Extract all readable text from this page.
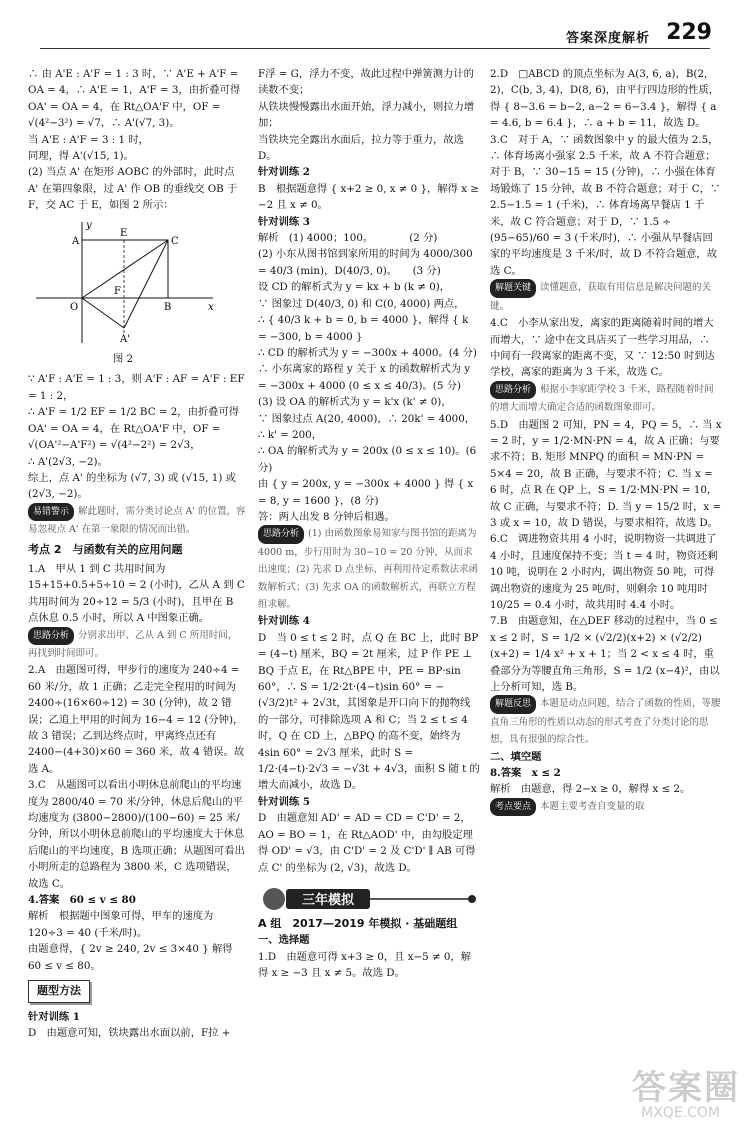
答案深度解析 229

∴ 由 A'E : A'F = 1 : 3 时，∵ A'E + A'F = OA = 4，∴ A'E = 1，A'F = 3，由折叠可得 OA' = OA = 4，在 Rt△OA'F 中，OF = √(4²−3²) = √7，∴ A'(√7, 3)。

当 A'E : A'F = 3 : 1 时，

同理，得 A'(√15, 1)。

(2) 当点 A' 在矩形 AOBC 的外部时，此时点 A' 在第四象限，过 A' 作 OB 的垂线交 OB 于 F，交 AC 于 E，如图 2 所示：

y
A
E
C
F
O	B	x
A'
图 2

∵ A'F : A'E = 1 : 3，则 A'F : AF = A'F : EF = 1 : 2，

∴ A'F = 1/2 EF = 1/2 BC = 2，由折叠可得

OA' = OA = 4，在 Rt△OA'F 中，OF = √(OA'²−A'F²) = √(4²−2²) = 2√3，

∴ A'(2√3, −2)。

综上，点 A' 的坐标为 (√7, 3) 或 (√15, 1) 或 (2√3, −2)。

易错警示 解此题时，需分类讨论点 A' 的位置，容易忽视点 A' 在第一象限的情况而出错。

考点 2　与函数有关的应用问题

1.A　甲从 1 到 C 共用时间为 15+15+0.5+5÷10 = 2 (小时)，乙从 A 到 C 共用时间为 20÷12 = 5/3 (小时)，且甲在 B 点休息 0.5 小时，所以 A 中图象正确。

思路分析 分别求出甲、乙从 A 到 C 所用时间，再找到时间即可。

2.A　由题图可得，甲步行的速度为 240÷4 = 60 米/分，故 1 正确；乙走完全程用的时间为 2400÷(16×60÷12) = 30 (分钟)，故 2 错误；乙追上甲用的时间为 16−4 = 12 (分钟)，故 3 错误；乙到达终点时，甲离终点还有 2400−(4+30)×60 = 360 米，故 4 错误。故选 A。

3.C　从题图可以看出小明休息前爬山的平均速度为 2800/40 = 70 米/分钟，休息后爬山的平均速度为 (3800−2800)/(100−60) = 25 米/分钟，所以小明休息前爬山的平均速度大于休息后爬山的平均速度，B 选项正确；从题图可看出小明所走的总路程为 3800 米，C 选项错误，故选 C。

4.答案　60 ≤ v ≤ 80

解析　根据题中图象可得，甲车的速度为 120÷3 = 40 (千米/时)。

由题意得，{ 2v ≥ 240, 2v ≤ 3×40 } 解得 60 ≤ v ≤ 80。

题型方法

针对训练 1

D　由题意可知，铁块露出水面以前，F拉 +

F浮 = G，浮力不变，故此过程中弹簧测力计的读数不变；

从铁块慢慢露出水面开始，浮力减小，则拉力增加；

当铁块完全露出水面后，拉力等于重力，故选 D。

针对训练 2

B　根据题意得 { x+2 ≥ 0, x ≠ 0 }，解得 x ≥ −2 且 x ≠ 0。

针对训练 3

解析　(1) 4000；100。　　　　(2 分)

(2) 小东从图书馆到家所用的时间为 4000/300 = 40/3 (min)，D(40/3, 0)。　　(3 分)

设 CD 的解析式为 y = kx + b (k ≠ 0)，

∵ 图象过 D(40/3, 0) 和 C(0, 4000) 两点，

∴ { 40/3 k + b = 0, b = 4000 }，解得 { k = −300, b = 4000 }

∴ CD 的解析式为 y = −300x + 4000。(4 分)

∴ 小东离家的路程 y 关于 x 的函数解析式为 y = −300x + 4000 (0 ≤ x ≤ 40/3)。(5 分)

(3) 设 OA 的解析式为 y = k'x (k' ≠ 0)，

∵ 图象过点 A(20, 4000)，∴ 20k' = 4000，

∴ k' = 200，

∴ OA 的解析式为 y = 200x (0 ≤ x ≤ 10)。(6 分)

由 { y = 200x, y = −300x + 4000 } 得 { x = 8, y = 1600 }，(8 分)

答：两人出发 8 分钟后相遇。

思路分析 (1) 由函数图象易知家与图书馆的距离为 4000 m，步行用时为 30−10 = 20 分钟，从而求出速度；(2) 先求 D 点坐标，再利用待定系数法求函数解析式；(3) 先求 OA 的函数解析式，再联立方程组求解。

针对训练 4

D　当 0 ≤ t ≤ 2 时，点 Q 在 BC 上，此时 BP = (4−t) 厘米，BQ = 2t 厘米，过 P 作 PE ⊥ BQ 于点 E，在 Rt△BPE 中，PE = BP·sin 60°，∴ S = 1/2·2t·(4−t)sin 60° = −(√3/2)t² + 2√3t，其图象是开口向下的抛物线的一部分，可排除选项 A 和 C；当 2 ≤ t ≤ 4 时，Q 在 CD 上，△BPQ 的高不变，始终为 4sin 60° = 2√3 厘米，此时 S = 1/2·(4−t)·2√3 = −√3t + 4√3，面积 S 随 t 的增大而减小，故选 D。

针对训练 5

D　由题意知 AD' = AD = CD = C'D' = 2，AO = BO = 1，在 Rt△AOD' 中，由勾股定理得 OD' = √3，由 C'D' = 2 及 C'D' ∥ AB 可得点 C' 的坐标为 (2, √3)，故选 D。

三年模拟

A 组　2017—2019 年模拟 · 基础题组

一、选择题

1.D　由题意可得 x+3 ≥ 0，且 x−5 ≠ 0，解得 x ≥ −3 且 x ≠ 5。故选 D。

2.D　□ABCD 的顶点坐标为 A(3, 6, a)，B(2, 2)，C(b, 3, 4)，D(8, 6)，由平行四边形的性质，得 { 8−3.6 = b−2, a−2 = 6−3.4 }，解得 { a = 4.6, b = 6.4 }，∴ a + b = 11，故选 D。

3.C　对于 A，∵ 函数图象中 y 的最大值为 2.5，∴ 体育场离小强家 2.5 千米，故 A 不符合题意；对于 B，∵ 30−15 = 15 (分钟)，∴ 小强在体育场锻炼了 15 分钟，故 B 不符合题意；对于 C，∵ 2.5−1.5 = 1 (千米)，∴ 体育场离早餐店 1 千米，故 C 符合题意；对于 D，∵ 1.5 ÷ (95−65)/60 = 3 (千米/时)，∴ 小强从早餐店回家的平均速度是 3 千米/时，故 D 不符合题意，故选 C。

解题关键 读懂题意，获取有用信息是解决问题的关键。

4.C　小李从家出发，离家的距离随着时间的增大而增大，∵ 途中在文具店买了一些学习用品，∴ 中间有一段离家的距离不变，又 ∵ 12:50 时到达学校，离家的距离为 3 千米，故选 C。

思路分析 根据小李家距学校 3 千米，路程随着时间的增大而增大确定合适的函数图象即可。

5.D　由题图 2 可知，PN = 4，PQ = 5，∴ 当 x = 2 时，y = 1/2·MN·PN = 4，故 A 正确；与要求不符；B. 矩形 MNPQ 的面积 = MN·PN = 5×4 = 20，故 B 正确，与要求不符；C. 当 x = 6 时，点 R 在 QP 上，S = 1/2·MN·PN = 10，故 C 正确，与要求不符；D. 当 y = 15/2 时，x = 3 或 x = 10，故 D 错误，与要求相符，故选 D。

6.C　调进物资共用 4 小时，说明物资一共调进了 4 小时，且速度保持不变；当 t = 4 时，物资还剩 10 吨，说明在 2 小时内，调出物资 50 吨，可得调出物资的速度为 25 吨/时，则剩余 10 吨用时 10/25 = 0.4 小时，故共用时 4.4 小时。

7.B　由题意知，在△DEF 移动的过程中，当 0 ≤ x ≤ 2 时，S = 1/2 × (√2/2)(x+2) × (√2/2)(x+2) = 1/4 x² + x + 1；当 2 < x ≤ 4 时，重叠部分为等腰直角三角形，S = 1/2 (x−4)²，由以上分析可知，选 B。

解题反思 本题是动点问题，结合了函数的性质，等腰直角三角形的性质以动态的形式考查了分类讨论的思想，具有很强的综合性。

二、填空题

8.答案　x ≤ 2

解析　由题意，得 2−x ≥ 0，解得 x ≤ 2。

考点要点 本题主要考查自变量的取

答案圈
MXQE.COM
